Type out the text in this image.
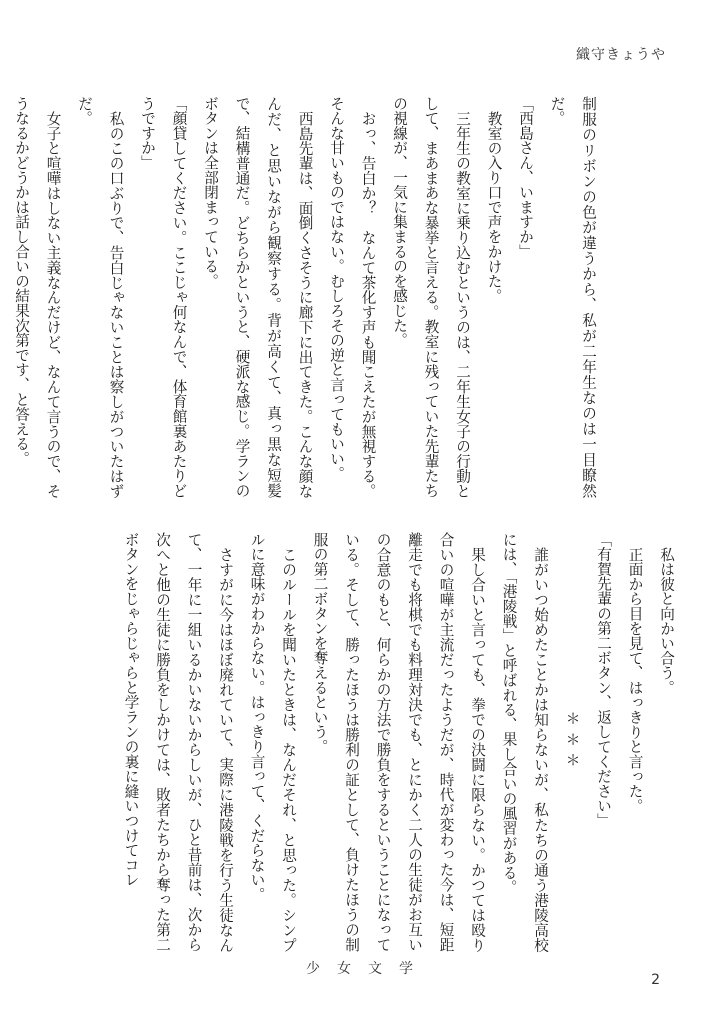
織守きょうや

制服のリボンの色が違うから、私が二年生なのは一目瞭然だ。

「西島さん、いますか」

教室の入り口で声をかけた。

三年生の教室に乗り込むというのは、二年生女子の行動として、まあまあな暴挙と言える。教室に残っていた先輩たちの視線が、一気に集まるのを感じた。

おっ、告白か？　なんて茶化す声も聞こえたが無視する。そんな甘いものではない。むしろその逆と言ってもいい。

西島先輩は、面倒くさそうに廊下に出てきた。こんな顔なんだ、と思いながら観察する。背が高くて、真っ黒な短髪で、結構普通だ。どちらかというと、硬派な感じ。学ランのボタンは全部閉まっている。

「顔貸してください。ここじゃ何なんで、体育館裏あたりどうですか」

私のこの口ぶりで、告白じゃないことは察しがついたはずだ。

女子と喧嘩はしない主義なんだけど、なんて言うので、そうなるかどうかは話し合いの結果次第です、と答える。

私は彼と向かい合う。

正面から目を見て、はっきりと言った。

「有賀先輩の第二ボタン、返してください」

＊＊＊

誰がいつ始めたことかは知らないが、私たちの通う港陵高校には、「港陵戦」と呼ばれる、果し合いの風習がある。

果し合いと言っても、拳での決闘に限らない。かつては殴り合いの喧嘩が主流だったようだが、時代が変わった今は、短距離走でも将棋でも料理対決でも、とにかく二人の生徒がお互いの合意のもと、何らかの方法で勝負をするということになっている。そして、勝ったほうは勝利の証として、負けたほうの制服の第二ボタンを奪えるという。

このルールを聞いたときは、なんだそれ、と思った。シンプルに意味がわからない。はっきり言って、くだらない。

さすがに今はほぼ廃れていて、実際に港陵戦を行う生徒なんて、一年に一組いるかいないからしいが、ひと昔前は、次から次へと他の生徒に勝負をしかけては、敗者たちから奪った第二ボタンをじゃらじゃらと学ランの裏に縫いつけてコレ

少女文学
2
